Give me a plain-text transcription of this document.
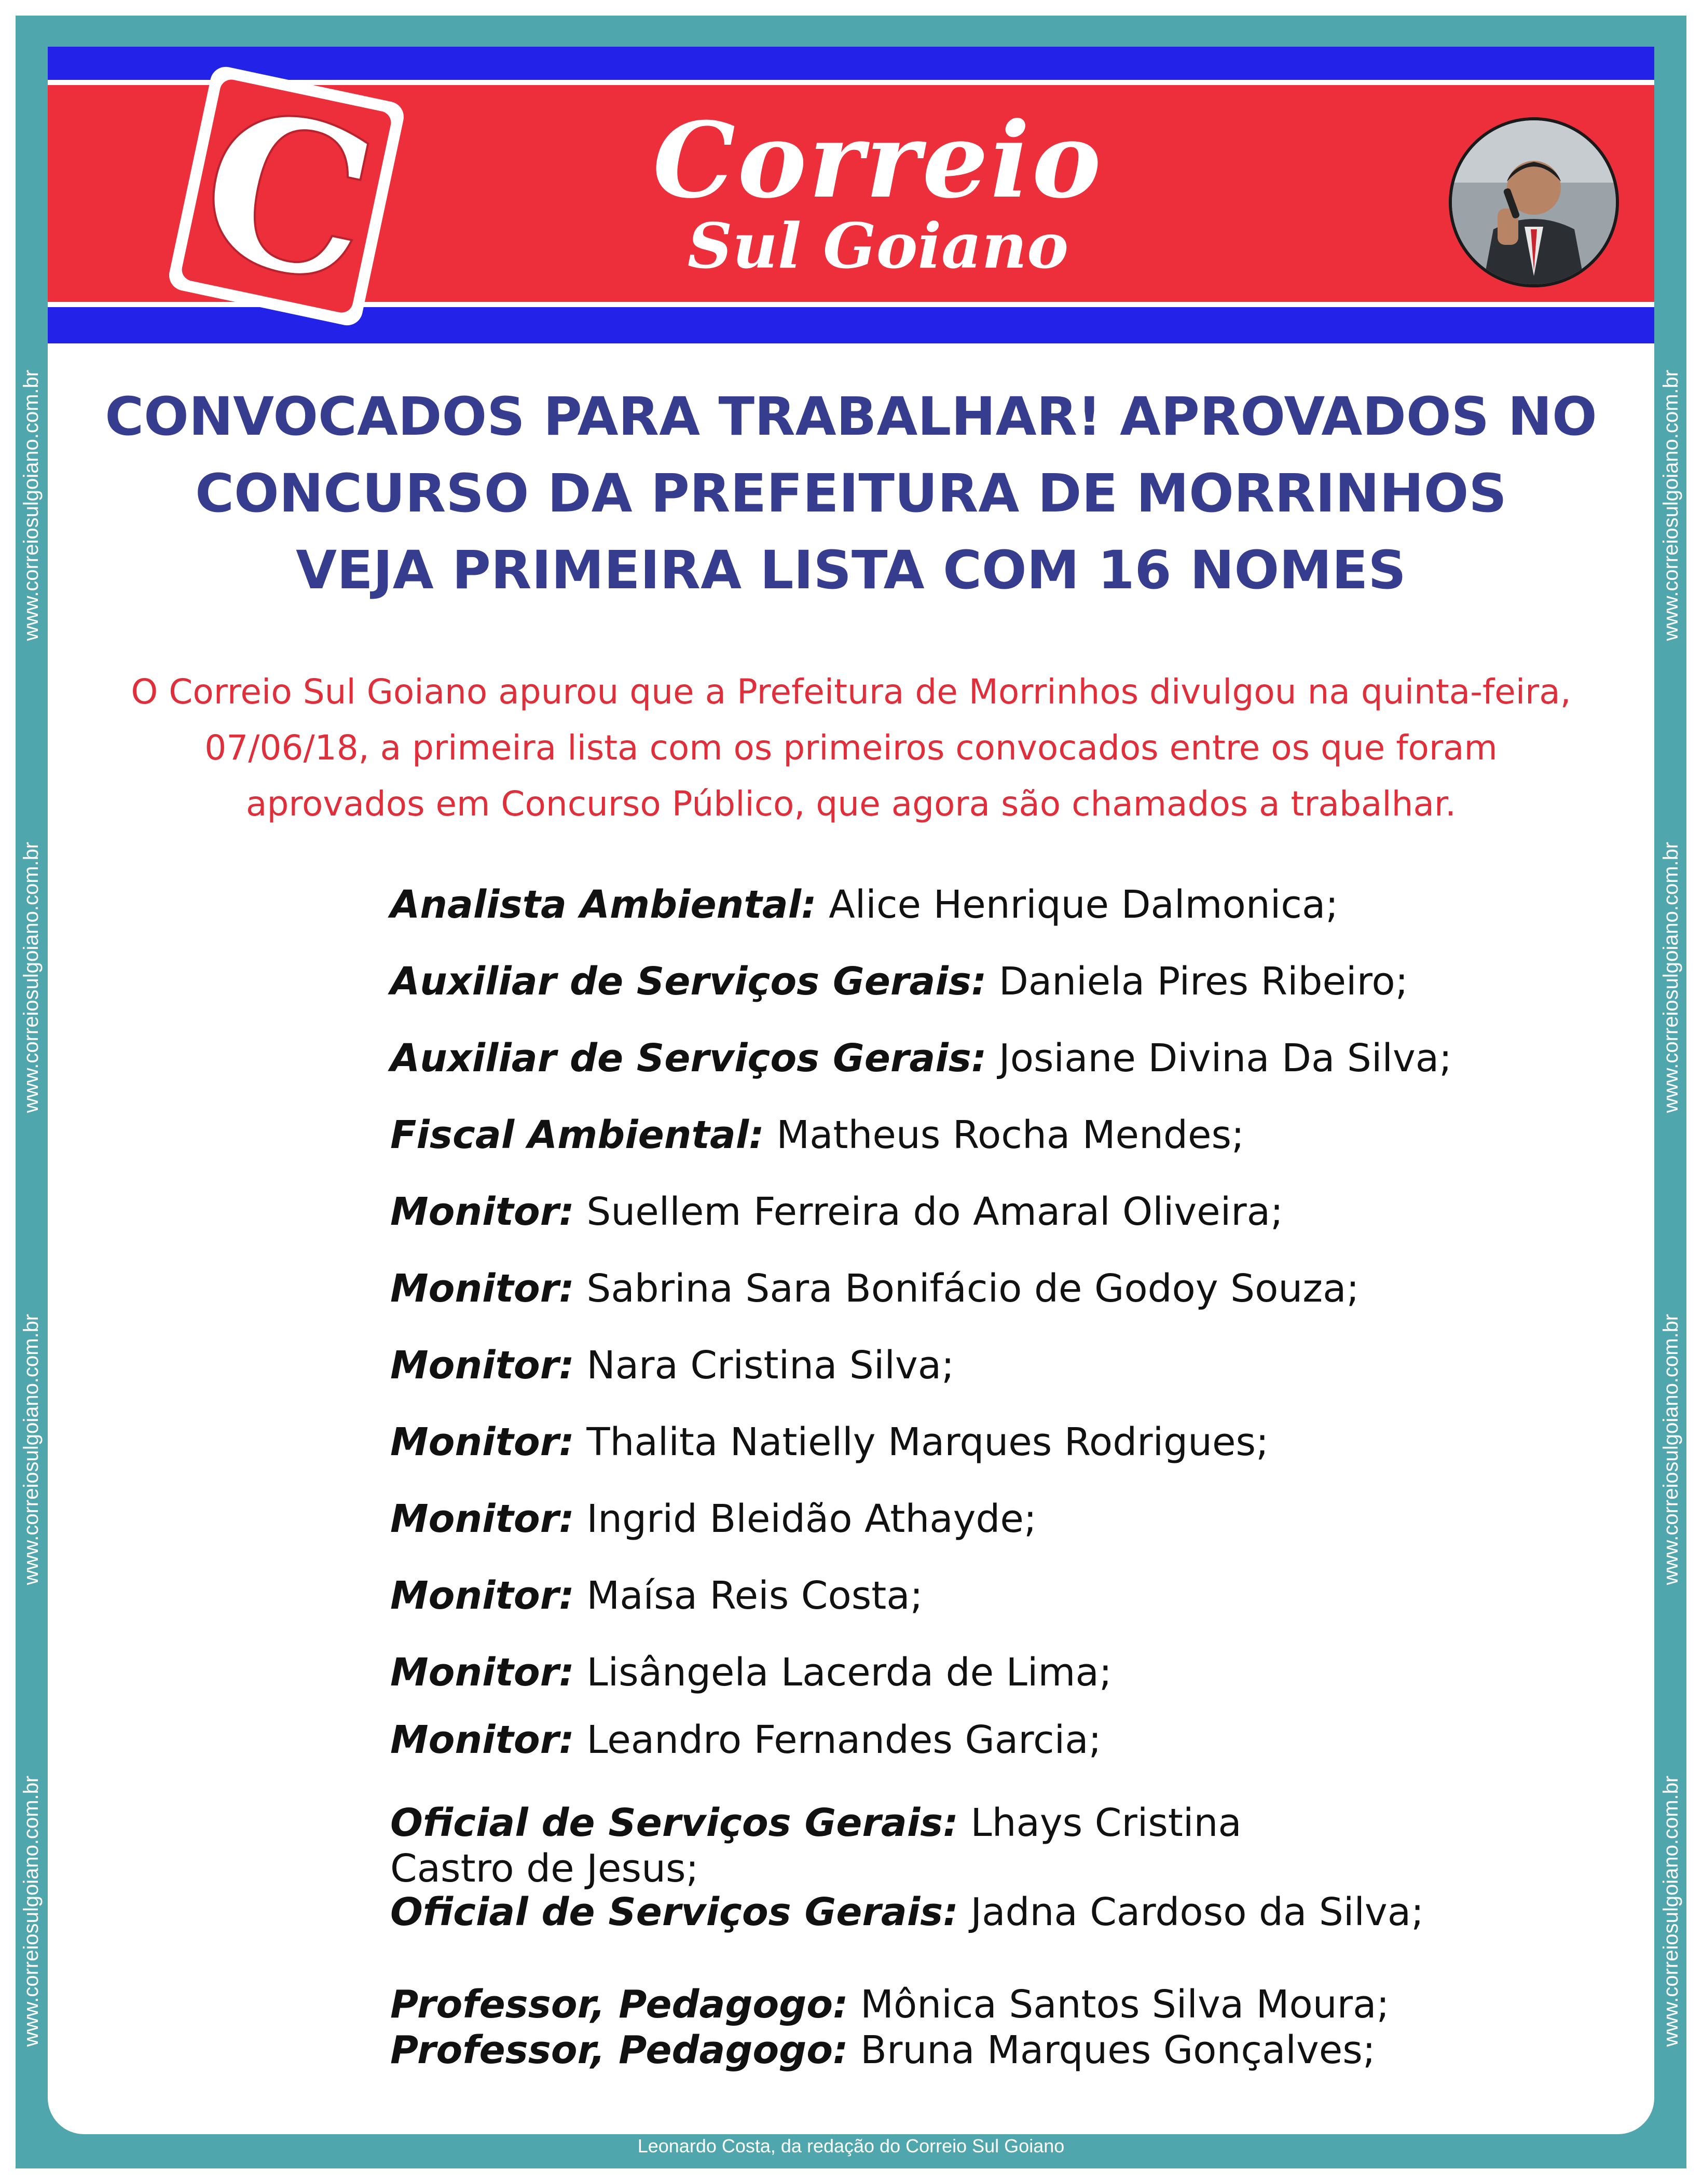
www.correiosulgoiano.com.br
www.correiosulgoiano.com.br
www.correiosulgoiano.com.br
www.correiosulgoiano.com.br
www.correiosulgoiano.com.br
www.correiosulgoiano.com.br
www.correiosulgoiano.com.br
www.correiosulgoiano.com.br
C Correio
Sul Goiano
CONVOCADOS PARA TRABALHAR! APROVADOS NO
CONCURSO DA PREFEITURA DE MORRINHOS
VEJA PRIMEIRA LISTA COM 16 NOMES
O Correio Sul Goiano apurou que a Prefeitura de Morrinhos divulgou na quinta-feira,
07/06/18, a primeira lista com os primeiros convocados entre os que foram
aprovados em Concurso Público, que agora são chamados a trabalhar.
Analista Ambiental: Alice Henrique Dalmonica;
Auxiliar de Serviços Gerais: Daniela Pires Ribeiro;
Auxiliar de Serviços Gerais: Josiane Divina Da Silva;
Fiscal Ambiental: Matheus Rocha Mendes;
Monitor: Suellem Ferreira do Amaral Oliveira;
Monitor: Sabrina Sara Bonifácio de Godoy Souza;
Monitor: Nara Cristina Silva;
Monitor: Thalita Natielly Marques Rodrigues;
Monitor: Ingrid Bleidão Athayde;
Monitor: Maísa Reis Costa;
Monitor: Lisângela Lacerda de Lima;
Monitor: Leandro Fernandes Garcia;
Oficial de Serviços Gerais: Lhays Cristina Castro de Jesus;
Oficial de Serviços Gerais: Jadna Cardoso da Silva;
Professor, Pedagogo: Mônica Santos Silva Moura;
Professor, Pedagogo: Bruna Marques Gonçalves;
Leonardo Costa, da redação do Correio Sul Goiano
